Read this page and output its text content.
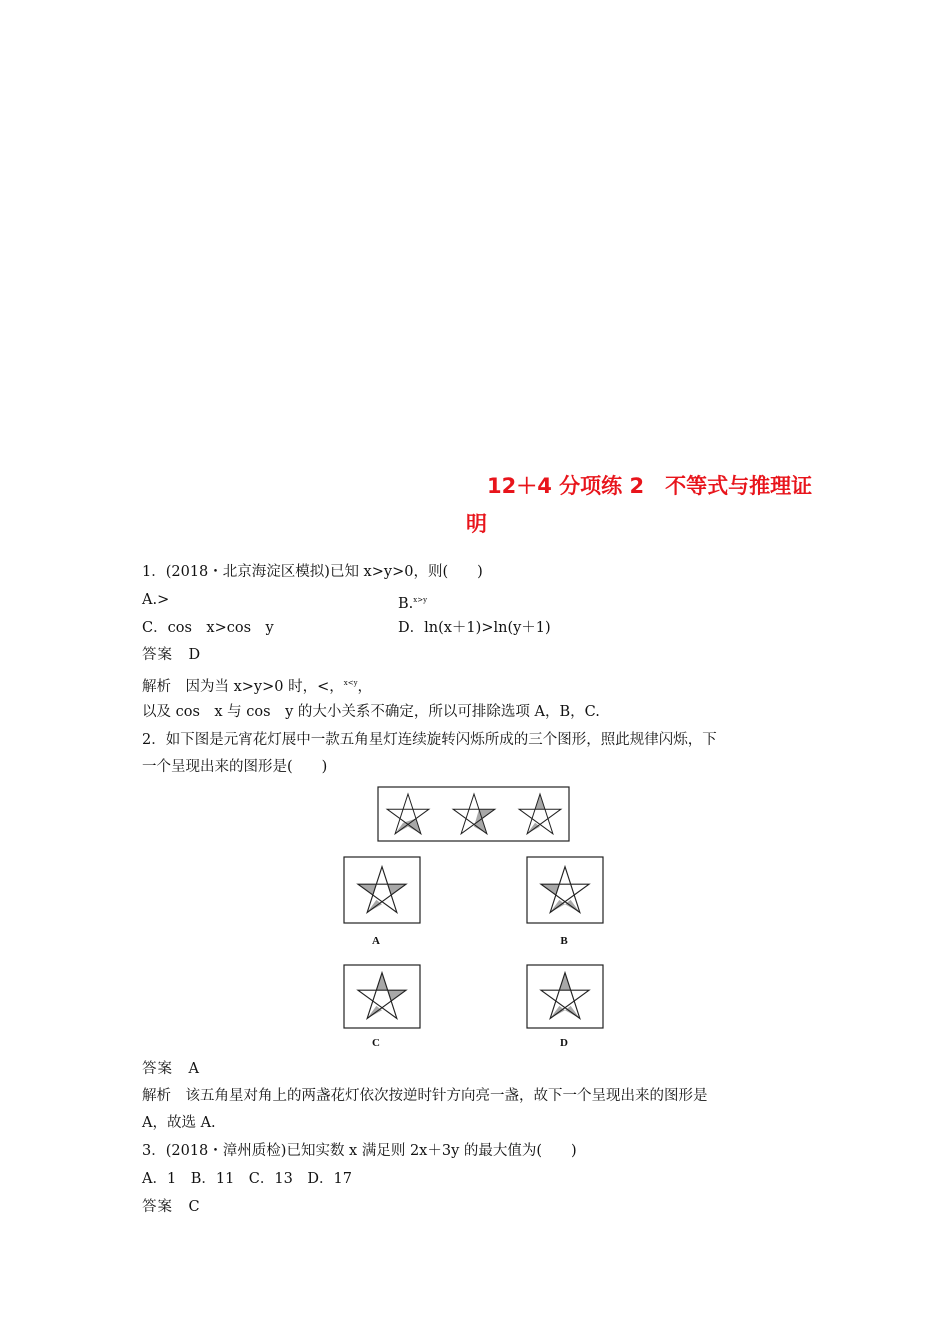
12＋4 分项练 2　不等式与推理证
明
1．(2018・北京海淀区模拟)已知 x>y>0，则(　　)
A.>	B.$^{x>y}$
C．cos　x>cos　y	D．ln(x＋1)>ln(y＋1)
答案　D
解析　因为当 x>y>0 时，<，$^{x<y}$，
以及 cos　x 与 cos　y 的大小关系不确定，所以可排除选项 A，B，C.
2．如下图是元宵花灯展中一款五角星灯连续旋转闪烁所成的三个图形，照此规律闪烁，下
一个呈现出来的图形是(　　)
A	B
C	D
答案　A
解析　该五角星对角上的两盏花灯依次按逆时针方向亮一盏，故下一个呈现出来的图形是
A，故选 A.
3．(2018・漳州质检)已知实数 x 满足则 2x＋3y 的最大值为(　　)
A．1　B．11　C．13　D．17
答案　C
